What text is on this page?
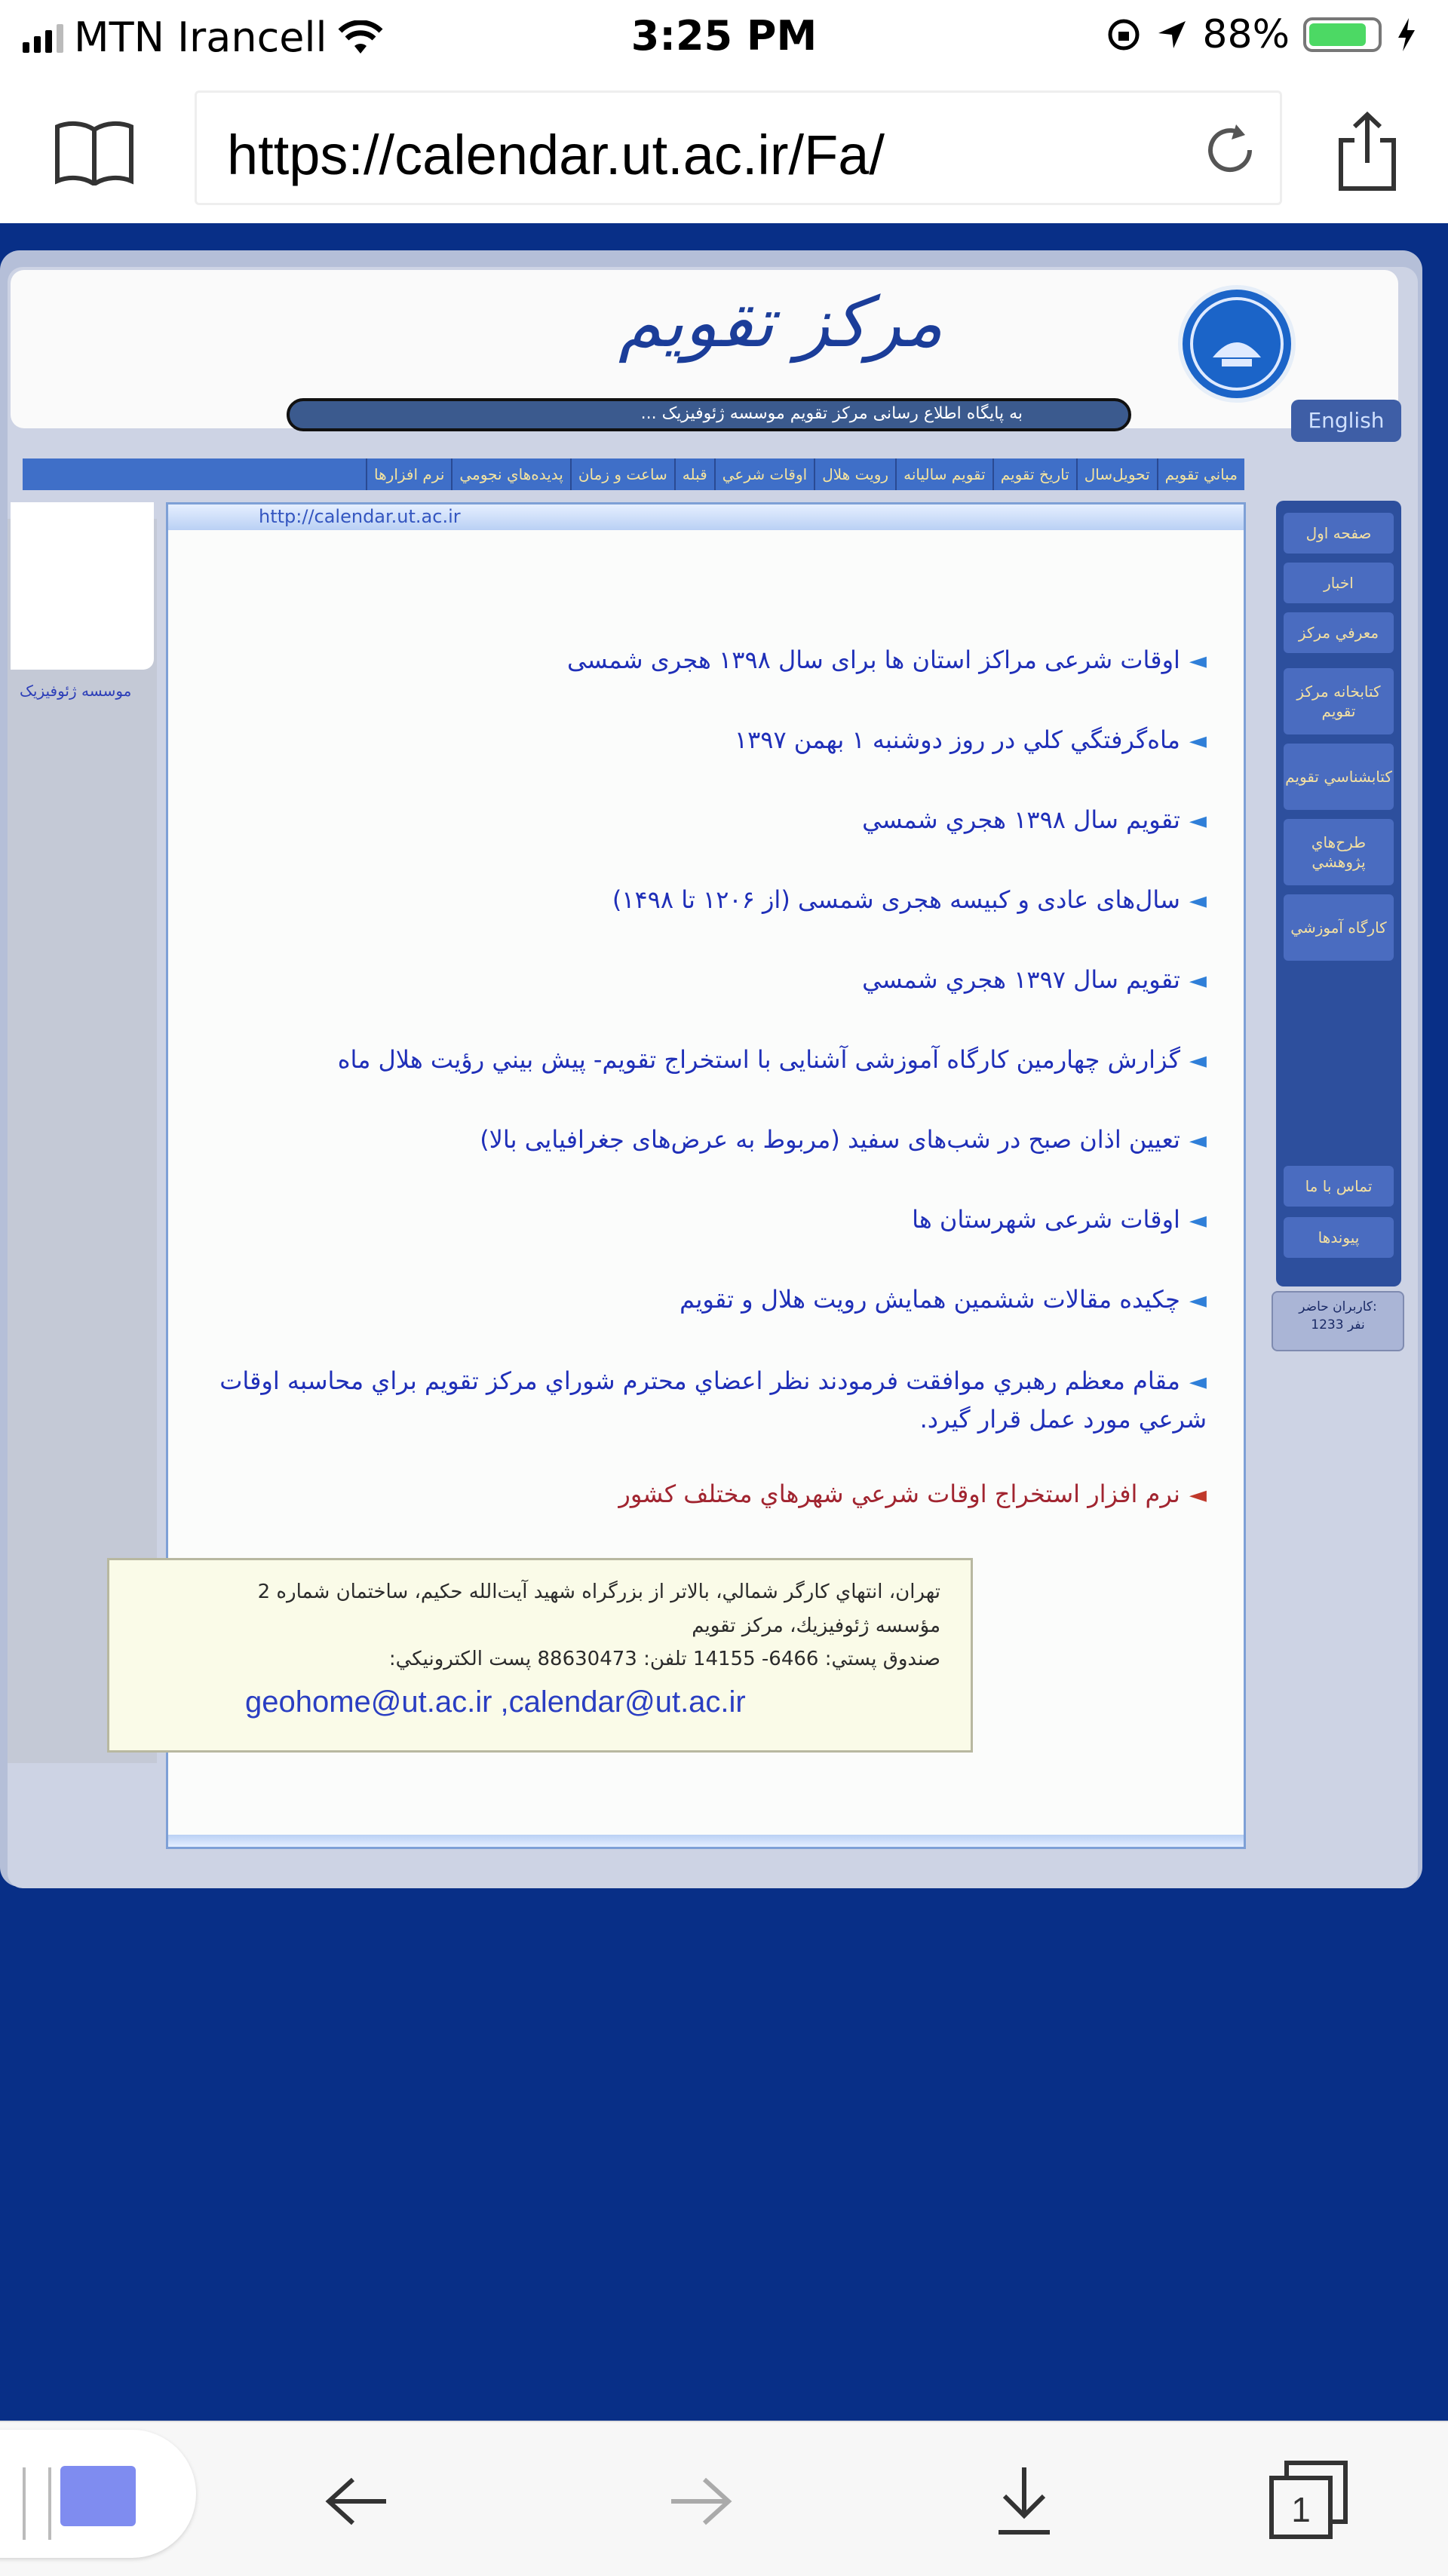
MTN Irancell	3:25 PM	88%
https://calendar.ut.ac.ir/Fa/
مرکز تقویم
... به پایگاه اطلاع رسانی مرکز تقویم موسسه ژئوفیزیک	English
مباني تقويم
تحويل‌سال
تاريخ تقويم
تقويم ساليانه
رويت هلال
اوقات شرعي
قبله
ساعت و زمان
پديده‌هاي نجومي
نرم افزارها
موسسه ژئوفیزیک
صفحه اول
اخبار
معرفي مركز
كتابخانه مركز تقويم
كتابشناسي تقويم
طرح‌هاي پژوهشي
كارگاه آموزشي
تماس با ما
پيوندها
كاربران حاضر:
1233 نفر
http://calendar.ut.ac.ir
◄اوقات شرعی مراکز استان ها برای سال ۱۳۹۸ هجری شمسی
◄ماه‌گرفتگي کلي در روز دوشنبه ۱ بهمن ۱۳۹۷
◄تقويم سال ۱۳۹۸ هجري شمسي
◄سال‌های عادی و کبیسه هجری شمسی (از ۱۲۰۶ تا ۱۴۹۸)
◄تقويم سال ۱۳۹۷ هجري شمسي
◄گزارش چهارمين کارگاه آموزشی آشنایی با استخراج تقویم- پيش بيني رؤيت هلال ماه
◄تعيين اذان صبح در شب‌های سفيد (مربوط به عرض‌های جغرافيايی بالا)
◄اوقات شرعی شهرستان ها
◄چکيده مقالات ششمين همايش رويت هلال و تقويم
◄مقام معظم رهبري موافقت فرمودند نظر اعضاي محترم شوراي مركز تقويم براي محاسبه اوقات شرعي مورد عمل قرار گيرد.
◄نرم افزار استخراج اوقات شرعي شهرهاي مختلف كشور
تهران، انتهاي كارگر شمالي، بالاتر از بزرگراه شهيد آيت‌الله حكيم، ساختمان شماره 2
مؤسسه ژئوفيزيك، مركز تقويم
صندوق پستي: 6466- 14155 تلفن: 88630473 پست الكترونيكي:
geohome@ut.ac.ir ,calendar@ut.ac.ir
1
